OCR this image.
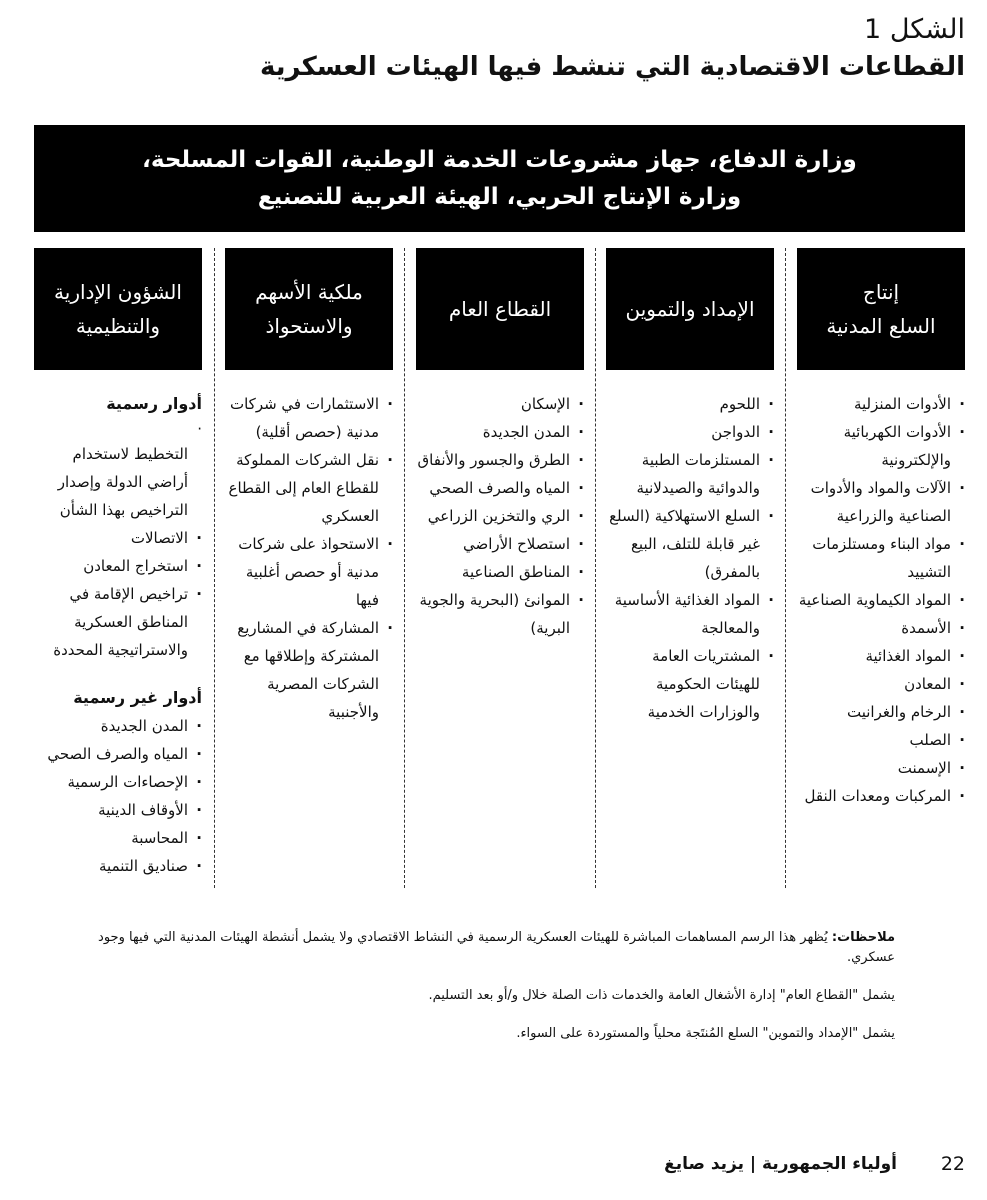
الشكل 1
القطاعات الاقتصادية التي تنشط فيها الهيئات العسكرية
وزارة الدفاع، جهاز مشروعات الخدمة الوطنية، القوات المسلحة،
وزارة الإنتاج الحربي، الهيئة العربية للتصنيع
إنتاج
السلع المدنية
· الأدوات المنزلية
· الأدوات الكهربائية والإلكترونية
· الآلات والمواد والأدوات الصناعية والزراعية
· مواد البناء ومستلزمات التشييد
· المواد الكيماوية الصناعية
· الأسمدة
· المواد الغذائية
· المعادن
· الرخام والغرانيت
· الصلب
· الإسمنت
· المركبات ومعدات النقل
الإمداد والتموين
· اللحوم
· الدواجن
· المستلزمات الطبية والدوائية والصيدلانية
· السلع الاستهلاكية (السلع غير قابلة للتلف، البيع بالمفرق)
· المواد الغذائية الأساسية والمعالجة
· المشتريات العامة للهيئات الحكومية والوزارات الخدمية
القطاع العام
· الإسكان
· المدن الجديدة
· الطرق والجسور والأنفاق
· المياه والصرف الصحي
· الري والتخزين الزراعي
· استصلاح الأراضي
· المناطق الصناعية
· الموانئ (البحرية والجوية البرية)
ملكية الأسهم
والاستحواذ
· الاستثمارات في شركات مدنية (حصص أقلية)
· نقل الشركات المملوكة للقطاع العام إلى القطاع العسكري
· الاستحواذ على شركات مدنية أو حصص أغلبية فيها
· المشاركة في المشاريع المشتركة وإطلاقها مع الشركات المصرية والأجنبية
الشؤون الإدارية
والتنظيمية
أدوار رسمية
·
التخطيط لاستخدام أراضي الدولة وإصدار التراخيص بهذا الشأن
· الاتصالات
· استخراج المعادن
· تراخيص الإقامة في المناطق العسكرية والاستراتيجية المحددة
أدوار غير رسمية
· المدن الجديدة
· المياه والصرف الصحي
· الإحصاءات الرسمية
· الأوقاف الدينية
· المحاسبة
· صناديق التنمية

ملاحظات: يُظهر هذا الرسم المساهمات المباشرة للهيئات العسكرية الرسمية في النشاط الاقتصادي ولا يشمل أنشطة الهيئات المدنية التي فيها وجود عسكري.

يشمل "القطاع العام" إدارة الأشغال العامة والخدمات ذات الصلة خلال و/أو بعد التسليم.

يشمل "الإمداد والتموين" السلع المُنتَجة محلياً والمستوردة على السواء.

أولياء الجمهورية | يزيد صايغ 22
